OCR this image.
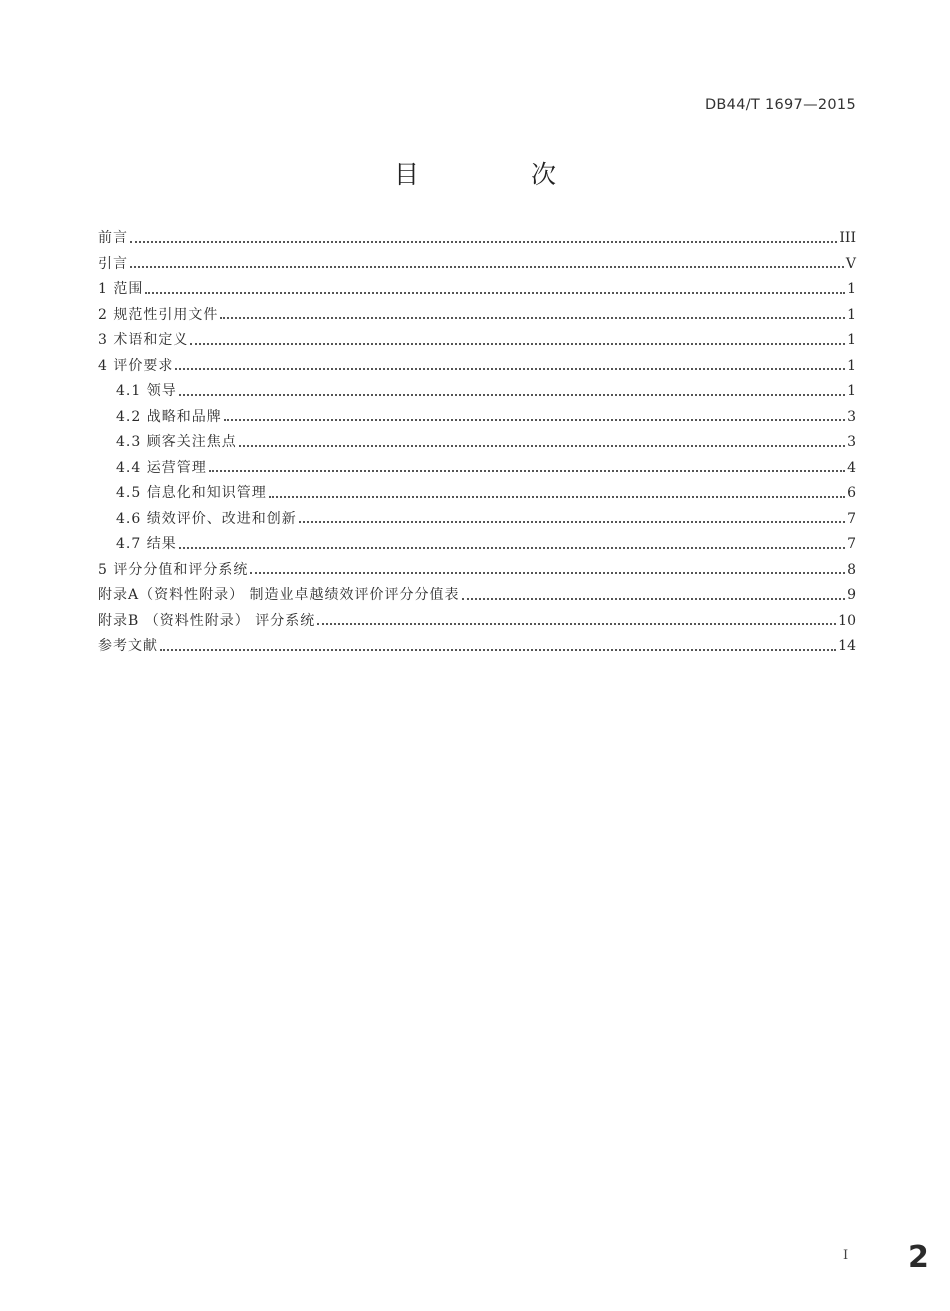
DB44/T 1697—2015
目 次
前言	III
引言	V
1 范围	1
2 规范性引用文件	1
3 术语和定义	1
4 评价要求	1
4.1 领导	1
4.2 战略和品牌	3
4.3 顾客关注焦点	3
4.4 运营管理	4
4.5 信息化和知识管理	6
4.6 绩效评价、改进和创新	7
4.7 结果	7
5 评分分值和评分系统	8
附录A（资料性附录） 制造业卓越绩效评价评分分值表	9
附录B （资料性附录） 评分系统	10
参考文献	14
I 2
